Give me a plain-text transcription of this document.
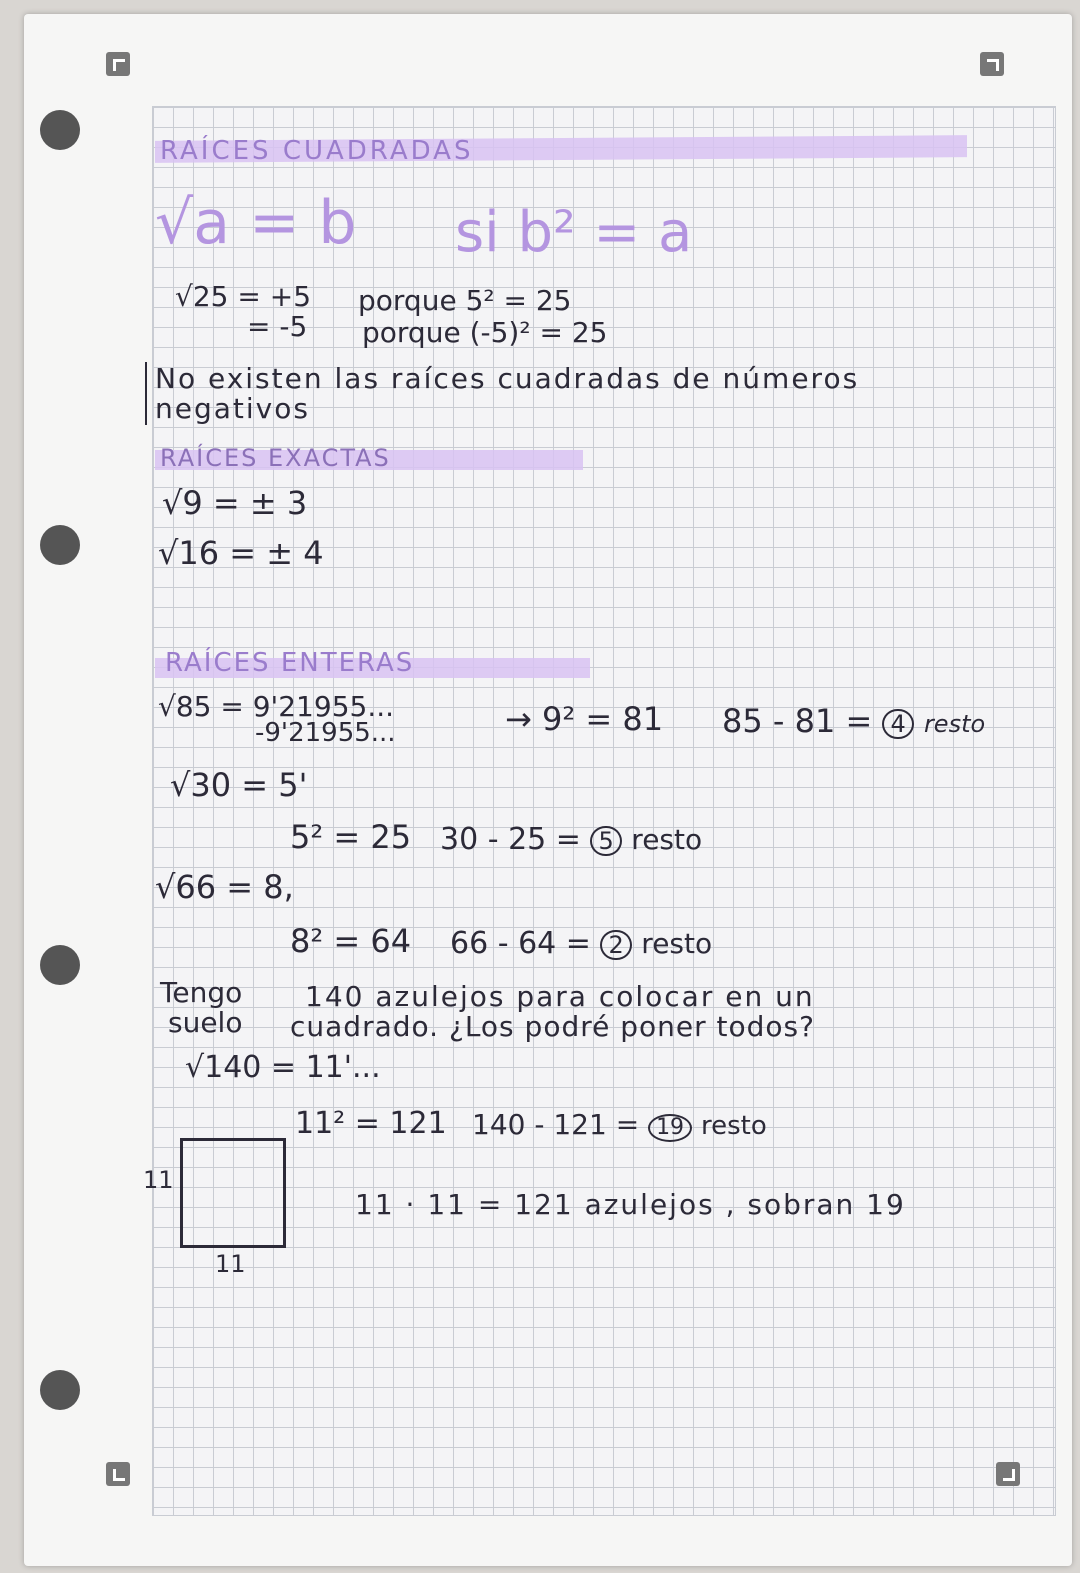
RAÍCES CUADRADAS
√a = b si b² = a
√25 = +5
= -5
porque 5² = 25
porque (-5)² = 25
No existen las raíces cuadradas de números
negativos
RAÍCES EXACTAS
√9 = ± 3
√16 = ± 4
RAÍCES ENTERAS
√85 = 9'21955...
-9'21955...	→ 9² = 81 85 - 81 = 4 resto
√30 = 5'
5² = 25 30 - 25 = 5 resto
√66 = 8,
8² = 64 66 - 64 = 2 resto
Tengo 140 azulejos para colocar en un
suelo cuadrado. ¿Los podré poner todos?
√140 = 11'...
11² = 121 140 - 121 = 19 resto
11
11
11 · 11 = 121 azulejos , sobran 19
